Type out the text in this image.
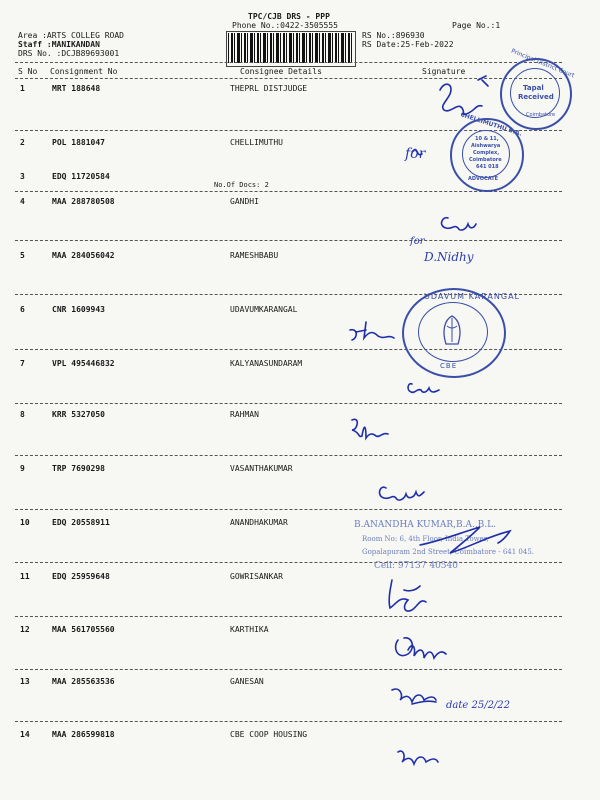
TPC/CJB DRS - PPP
Phone No.:0422-3505555	Page No.:1
Area :ARTS COLLEG ROAD
Staff :MANIKANDAN
DRS No. :DCJB89693001
RS No.:896930
RS Date:25-Feb-2022
S No Consignment No	Consignee Details	Signature
1	MRT 188648	THEPRL DISTJUDGE
2	POL 1881047	CHELLIMUTHU
3	EDQ 11720584
No.Of Docs: 2
4	MAA 288780508	GANDHI
5	MAA 284056042	RAMESHBABU
6	CNR 1609943	UDAVUMKARANGAL
7	VPL 495446832	KALYANASUNDARAM
8	KRR 5327050	RAHMAN
9	TRP 7690298	VASANTHAKUMAR
10	EDQ 20558911	ANANDHAKUMAR
11	EDQ 25959648	GOWRISANKAR
12	MAA 561705560	KARTHIKA
13	MAA 285563536	GANESAN
14	MAA 286599818	CBE COOP HOUSING
Principal District Court
Tapal
Received
Coimbatore
CHELLIMUTHU B.A.
10 & 11,
Aishwarya
Complex,
Coimbatore
641 018
ADVOCATE
UDAVUM KARANGAL
CBE
B.ANANDHA KUMAR,B.A.,B.L.
Room No: 6, 4th Floor, India Tower,
Gopalapuram 2nd Street, Coimbatore - 641 045.
Cell: 97137 40540
for
for
D.Nidhy
date 25/2/22
